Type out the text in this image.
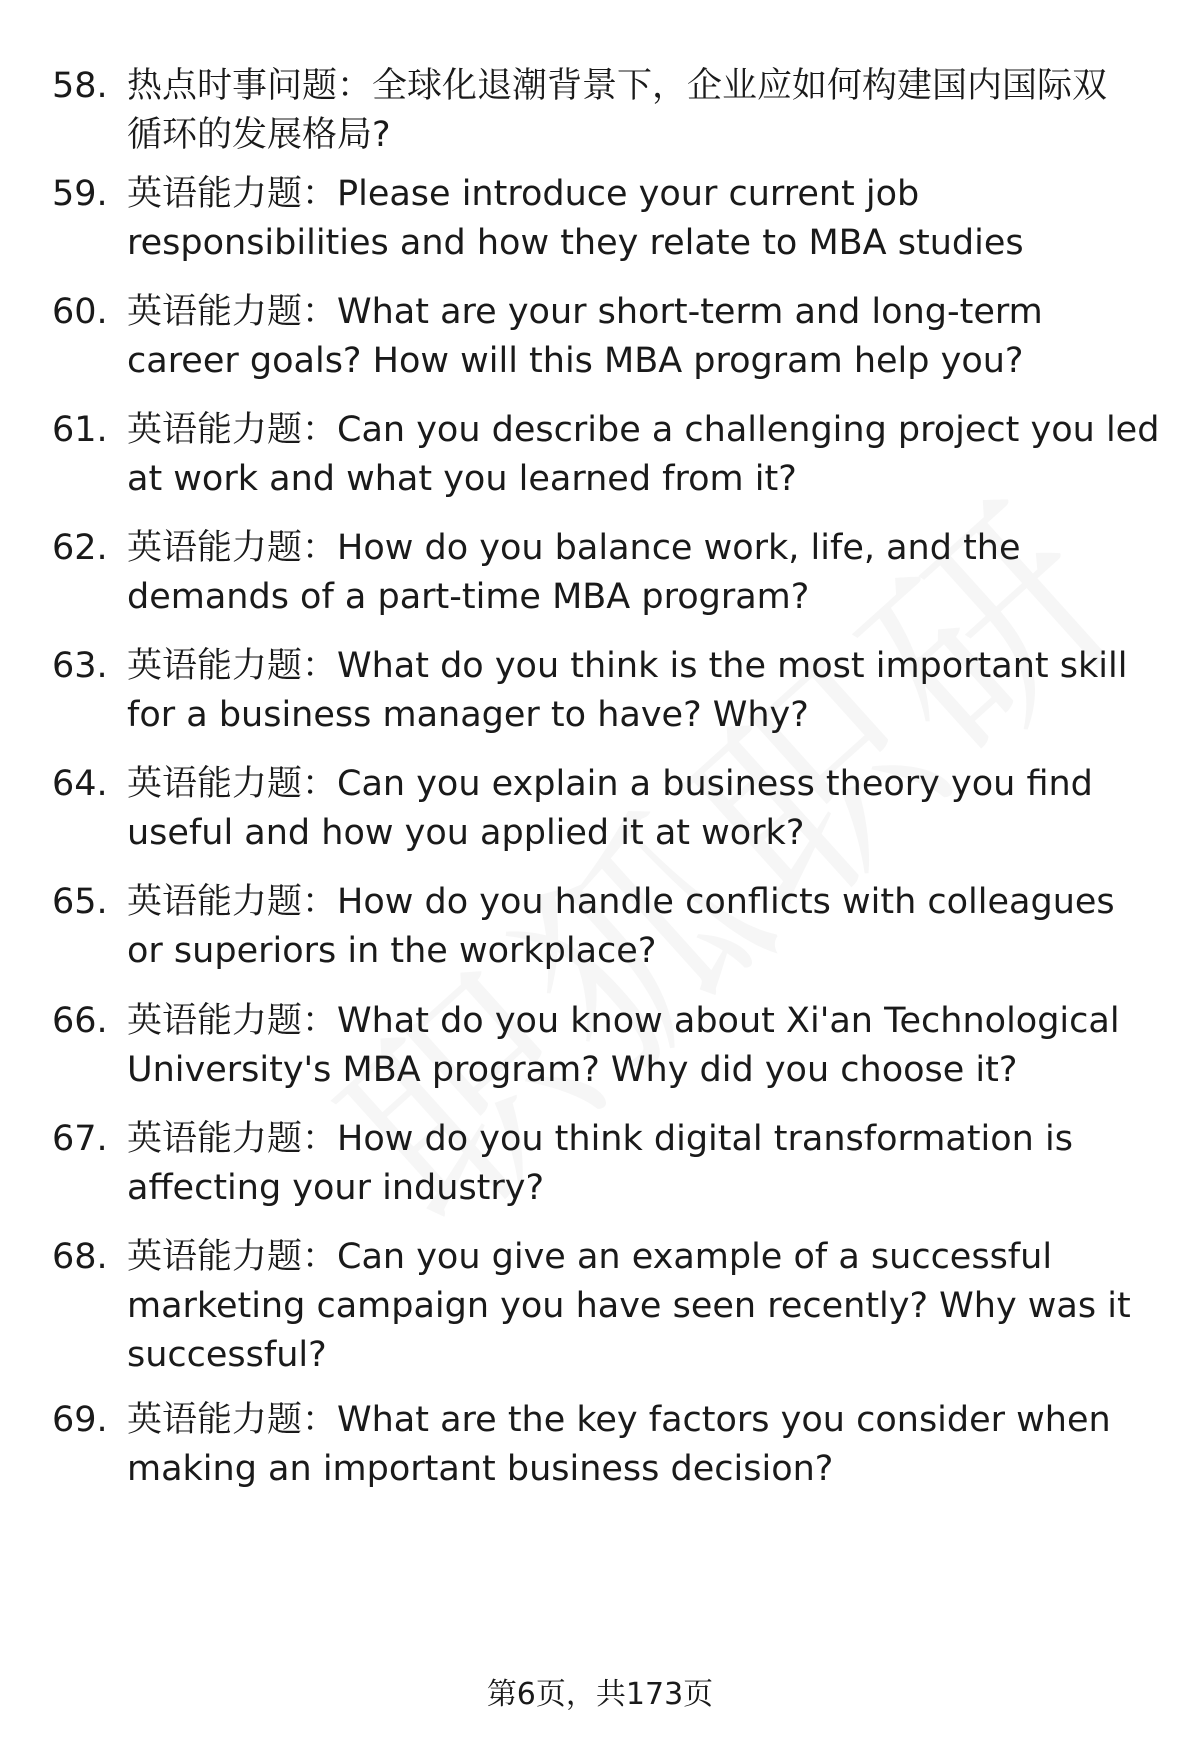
58. 热点时事问题：全球化退潮背景下，企业应如何构建国内国际双
循环的发展格局?
59. 英语能力题：Please introduce your current job
responsibilities and how they relate to MBA studies
60. 英语能力题：What are your short-term and long-term
career goals? How will this MBA program help you?
61. 英语能力题：Can you describe a challenging project you led
at work and what you learned from it?
62. 英语能力题：How do you balance work, life, and the
demands of a part-time MBA program?
63. 英语能力题：What do you think is the most important skill
for a business manager to have? Why?
64. 英语能力题：Can you explain a business theory you find
useful and how you applied it at work?
65. 英语能力题：How do you handle conflicts with colleagues
or superiors in the workplace?
66. 英语能力题：What do you know about Xi'an Technological
University's MBA program? Why did you choose it?
67. 英语能力题：How do you think digital transformation is
affecting your industry?
68. 英语能力题：Can you give an example of a successful
marketing campaign you have seen recently? Why was it
successful?
69. 英语能力题：What are the key factors you consider when
making an important business decision?
第6页，共173页
